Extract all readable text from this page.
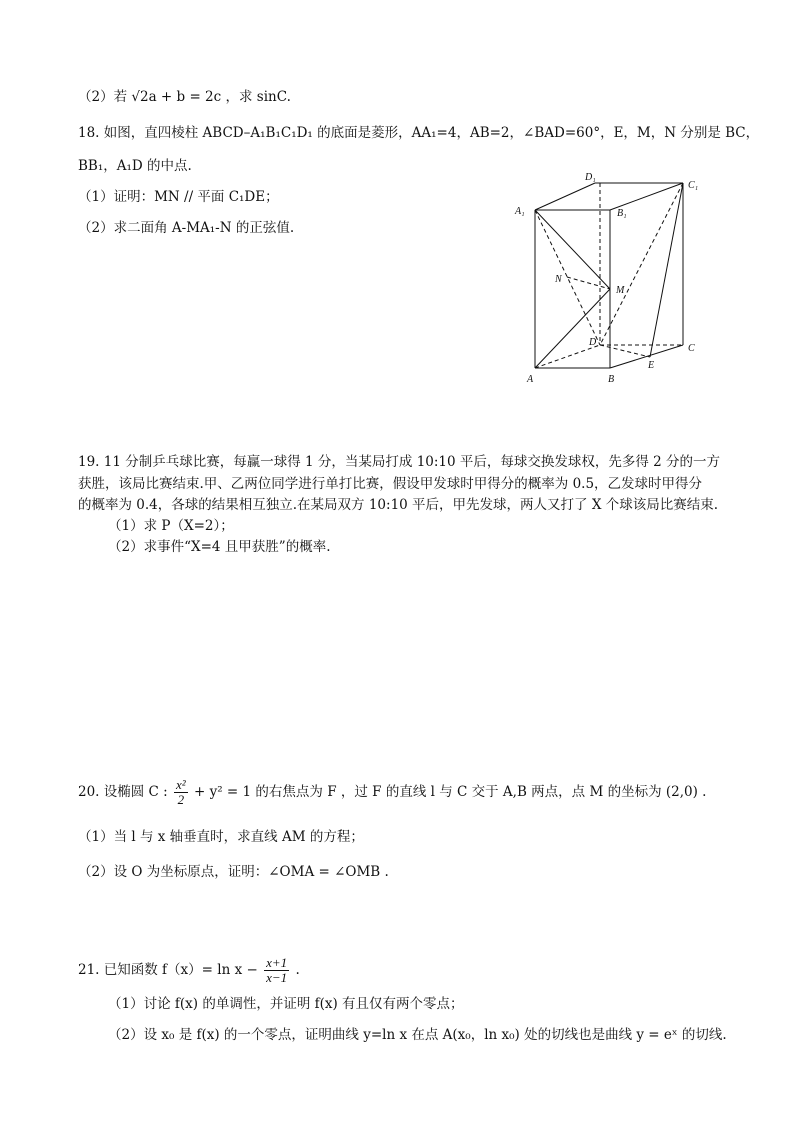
（2）若 √2a + b = 2c ，求 sinC.
18. 如图，直四棱柱 ABCD–A₁B₁C₁D₁ 的底面是菱形，AA₁=4，AB=2，∠BAD=60°，E，M，N 分别是 BC，
BB₁，A₁D 的中点.
（1）证明：MN // 平面 C₁DE；
（2）求二面角 A-MA₁-N 的正弦值.
A₁
D₁
C₁
B₁
N
M
D
C
E
A	B
19. 11 分制乒乓球比赛，每赢一球得 1 分，当某局打成 10:10 平后，每球交换发球权，先多得 2 分的一方
获胜，该局比赛结束.甲、乙两位同学进行单打比赛，假设甲发球时甲得分的概率为 0.5，乙发球时甲得分
的概率为 0.4，各球的结果相互独立.在某局双方 10:10 平后，甲先发球，两人又打了 X 个球该局比赛结束.
（1）求 P（X=2）；
（2）求事件“X=4 且甲获胜”的概率.
20. 设椭圆 C : $\frac{\text{x²}}{2} + y^2 = 1$ 的右焦点为 F ，过 F 的直线 l 与 C 交于 A,B 两点，点 M 的坐标为 (2,0) .
（1）当 l 与 x 轴垂直时，求直线 AM 的方程；
（2）设 O 为坐标原点，证明：∠OMA = ∠OMB .
21. 已知函数 $f(x)= \ln x - \frac{x+1}{x-1}$ .
（1）讨论 f(x) 的单调性，并证明 f(x) 有且仅有两个零点；
（2）设 x₀ 是 f(x) 的一个零点，证明曲线 y=ln x 在点 A(x₀，ln x₀) 处的切线也是曲线 y = eˣ 的切线.
